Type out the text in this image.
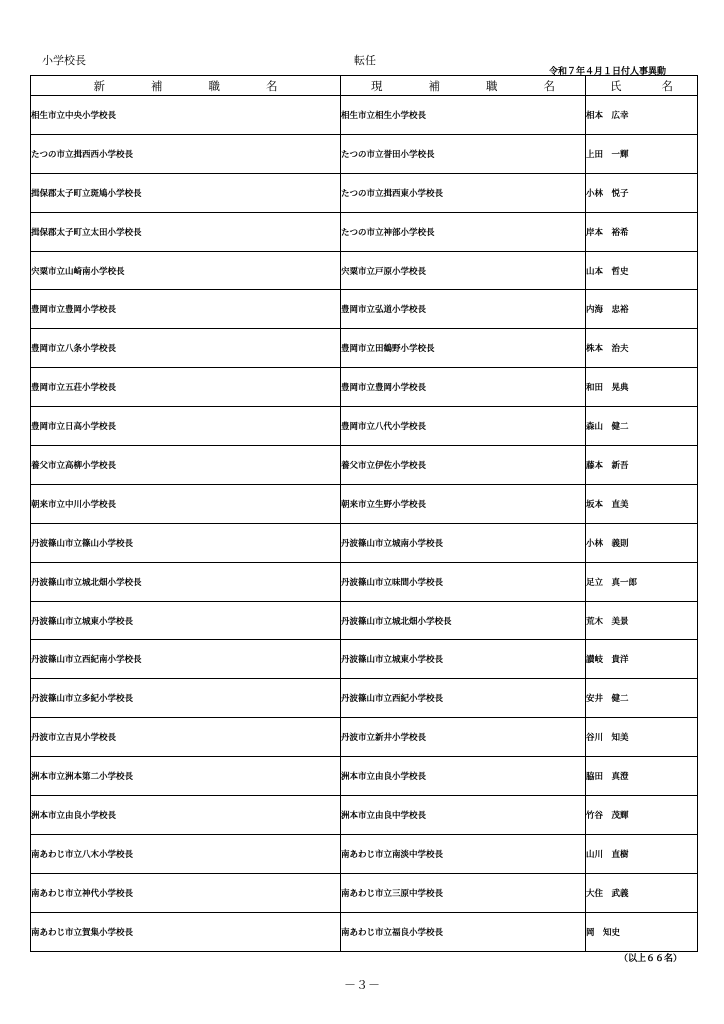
小学校長	転任
令和７年４月１日付人事異動
新補職名	現補職名	氏名
相生市立中央小学校長	相生市立相生小学校長	相本　広幸
たつの市立揖西西小学校長	たつの市立誉田小学校長	上田　一輝
揖保郡太子町立斑鳩小学校長	たつの市立揖西東小学校長	小林　悦子
揖保郡太子町立太田小学校長	たつの市立神部小学校長	岸本　裕希
宍粟市立山崎南小学校長	宍粟市立戸原小学校長	山本　哲史
豊岡市立豊岡小学校長	豊岡市立弘道小学校長	内海　忠裕
豊岡市立八条小学校長	豊岡市立田鶴野小学校長	株本　治夫
豊岡市立五荘小学校長	豊岡市立豊岡小学校長	和田　晃典
豊岡市立日高小学校長	豊岡市立八代小学校長	森山　健二
養父市立高柳小学校長	養父市立伊佐小学校長	藤本　新吾
朝来市立中川小学校長	朝来市立生野小学校長	坂本　直美
丹波篠山市立篠山小学校長	丹波篠山市立城南小学校長	小林　義則
丹波篠山市立城北畑小学校長	丹波篠山市立味間小学校長	足立　真一郎
丹波篠山市立城東小学校長	丹波篠山市立城北畑小学校長	荒木　美景
丹波篠山市立西紀南小学校長	丹波篠山市立城東小学校長	讃岐　貴洋
丹波篠山市立多紀小学校長	丹波篠山市立西紀小学校長	安井　健二
丹波市立吉見小学校長	丹波市立新井小学校長	谷川　知美
洲本市立洲本第二小学校長	洲本市立由良小学校長	脇田　真澄
洲本市立由良小学校長	洲本市立由良中学校長	竹谷　茂輝
南あわじ市立八木小学校長	南あわじ市立南淡中学校長	山川　直樹
南あわじ市立神代小学校長	南あわじ市立三原中学校長	大住　武義
南あわじ市立賀集小学校長	南あわじ市立福良小学校長	岡　知史
（以上６６名）
－３－
